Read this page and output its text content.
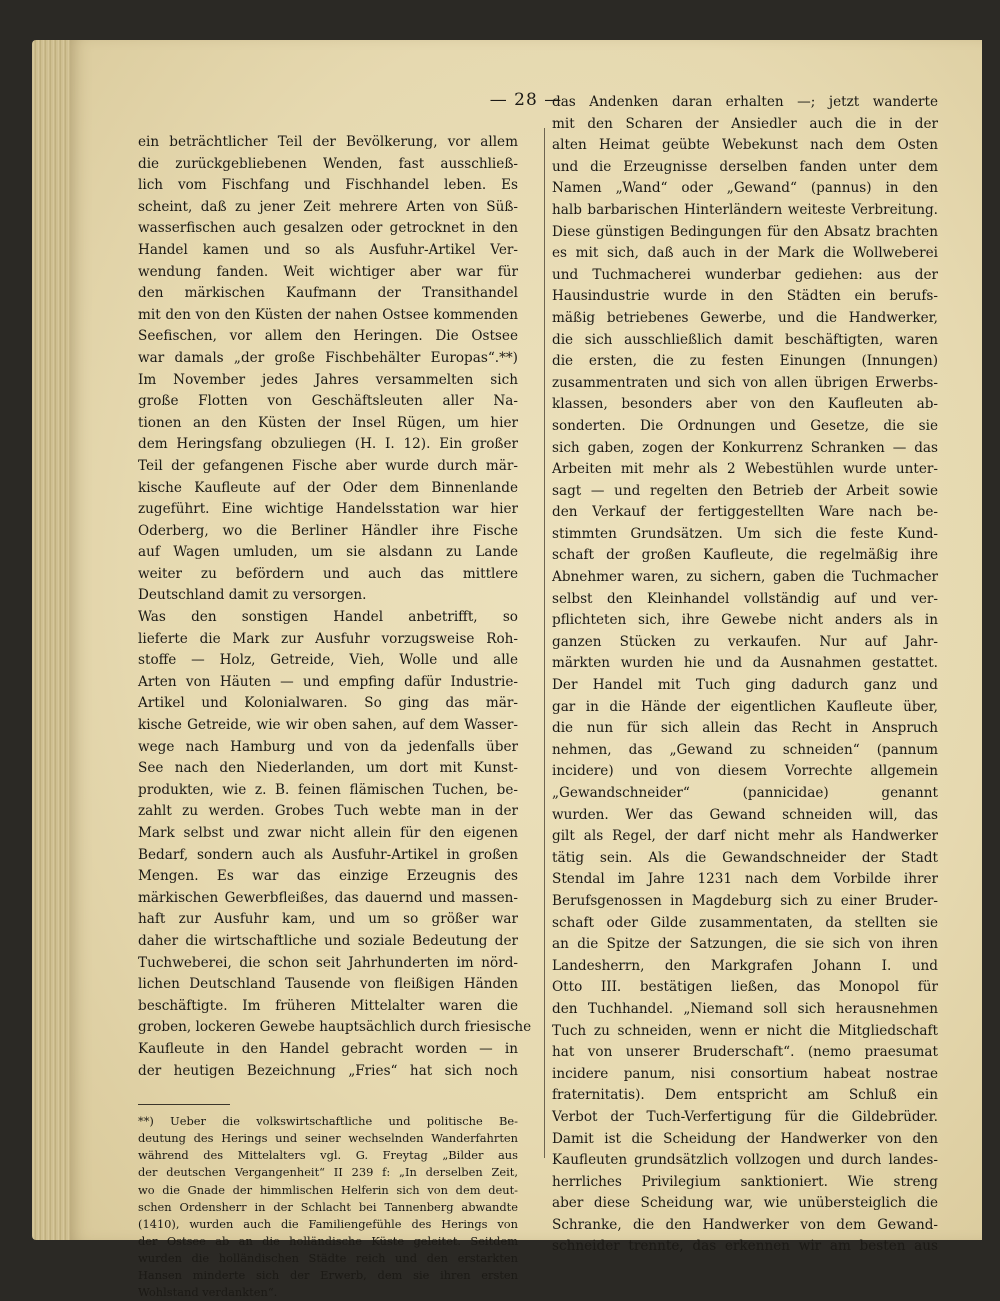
— 28 —
ein beträchtlicher Teil der Bevölkerung, vor allem
die zurückgebliebenen Wenden, fast ausschließ-
lich vom Fischfang und Fischhandel leben. Es
scheint, daß zu jener Zeit mehrere Arten von Süß-
wasserfischen auch gesalzen oder getrocknet in den
Handel kamen und so als Ausfuhr-Artikel Ver-
wendung fanden. Weit wichtiger aber war für
den märkischen Kaufmann der Transithandel
mit den von den Küsten der nahen Ostsee kommenden
Seefischen, vor allem den Heringen. Die Ostsee
war damals „der große Fischbehälter Europas“.**)
Im November jedes Jahres versammelten sich
große Flotten von Geschäftsleuten aller Na-
tionen an den Küsten der Insel Rügen, um hier
dem Heringsfang obzuliegen (H. I. 12). Ein großer
Teil der gefangenen Fische aber wurde durch mär-
kische Kaufleute auf der Oder dem Binnenlande
zugeführt. Eine wichtige Handelsstation war hier
Oderberg, wo die Berliner Händler ihre Fische
auf Wagen umluden, um sie alsdann zu Lande
weiter zu befördern und auch das mittlere
Deutschland damit zu versorgen.
Was den sonstigen Handel anbetrifft, so
lieferte die Mark zur Ausfuhr vorzugsweise Roh-
stoffe — Holz, Getreide, Vieh, Wolle und alle
Arten von Häuten — und empfing dafür Industrie-
Artikel und Kolonialwaren. So ging das mär-
kische Getreide, wie wir oben sahen, auf dem Wasser-
wege nach Hamburg und von da jedenfalls über
See nach den Niederlanden, um dort mit Kunst-
produkten, wie z. B. feinen flämischen Tuchen, be-
zahlt zu werden. Grobes Tuch webte man in der
Mark selbst und zwar nicht allein für den eigenen
Bedarf, sondern auch als Ausfuhr-Artikel in großen
Mengen. Es war das einzige Erzeugnis des
märkischen Gewerbfleißes, das dauernd und massen-
haft zur Ausfuhr kam, und um so größer war
daher die wirtschaftliche und soziale Bedeutung der
Tuchweberei, die schon seit Jahrhunderten im nörd-
lichen Deutschland Tausende von fleißigen Händen
beschäftigte. Im früheren Mittelalter waren die
groben, lockeren Gewebe hauptsächlich durch friesische
Kaufleute in den Handel gebracht worden — in
der heutigen Bezeichnung „Fries“ hat sich noch
**) Ueber die volkswirtschaftliche und politische Be-
deutung des Herings und seiner wechselnden Wanderfahrten
während des Mittelalters vgl. G. Freytag „Bilder aus
der deutschen Vergangenheit“ II 239 f: „In derselben Zeit,
wo die Gnade der himmlischen Helferin sich von dem deut-
schen Ordensherr in der Schlacht bei Tannenberg abwandte
(1410), wurden auch die Familiengefühle des Herings von
der Ostsee ab an die holländische Küste geleitet. Seitdem
wurden die holländischen Städte reich und den erstarkten
Hansen minderte sich der Erwerb, dem sie ihren ersten
Wohlstand verdankten“.
das Andenken daran erhalten —; jetzt wanderte
mit den Scharen der Ansiedler auch die in der
alten Heimat geübte Webekunst nach dem Osten
und die Erzeugnisse derselben fanden unter dem
Namen „Wand“ oder „Gewand“ (pannus) in den
halb barbarischen Hinterländern weiteste Verbreitung.
Diese günstigen Bedingungen für den Absatz brachten
es mit sich, daß auch in der Mark die Wollweberei
und Tuchmacherei wunderbar gediehen: aus der
Hausindustrie wurde in den Städten ein berufs-
mäßig betriebenes Gewerbe, und die Handwerker,
die sich ausschließlich damit beschäftigten, waren
die ersten, die zu festen Einungen (Innungen)
zusammentraten und sich von allen übrigen Erwerbs-
klassen, besonders aber von den Kaufleuten ab-
sonderten. Die Ordnungen und Gesetze, die sie
sich gaben, zogen der Konkurrenz Schranken — das
Arbeiten mit mehr als 2 Webestühlen wurde unter-
sagt — und regelten den Betrieb der Arbeit sowie
den Verkauf der fertiggestellten Ware nach be-
stimmten Grundsätzen. Um sich die feste Kund-
schaft der großen Kaufleute, die regelmäßig ihre
Abnehmer waren, zu sichern, gaben die Tuchmacher
selbst den Kleinhandel vollständig auf und ver-
pflichteten sich, ihre Gewebe nicht anders als in
ganzen Stücken zu verkaufen. Nur auf Jahr-
märkten wurden hie und da Ausnahmen gestattet.
Der Handel mit Tuch ging dadurch ganz und
gar in die Hände der eigentlichen Kaufleute über,
die nun für sich allein das Recht in Anspruch
nehmen, das „Gewand zu schneiden“ (pannum
incidere) und von diesem Vorrechte allgemein
„Gewandschneider“ (pannicidae) genannt
wurden. Wer das Gewand schneiden will, das
gilt als Regel, der darf nicht mehr als Handwerker
tätig sein. Als die Gewandschneider der Stadt
Stendal im Jahre 1231 nach dem Vorbilde ihrer
Berufsgenossen in Magdeburg sich zu einer Bruder-
schaft oder Gilde zusammentaten, da stellten sie
an die Spitze der Satzungen, die sie sich von ihren
Landesherrn, den Markgrafen Johann I. und
Otto III. bestätigen ließen, das Monopol für
den Tuchhandel. „Niemand soll sich herausnehmen
Tuch zu schneiden, wenn er nicht die Mitgliedschaft
hat von unserer Bruderschaft“. (nemo praesumat
incidere panum, nisi consortium habeat nostrae
fraternitatis). Dem entspricht am Schluß ein
Verbot der Tuch-Verfertigung für die Gildebrüder.
Damit ist die Scheidung der Handwerker von den
Kaufleuten grundsätzlich vollzogen und durch landes-
herrliches Privilegium sanktioniert. Wie streng
aber diese Scheidung war, wie unübersteiglich die
Schranke, die den Handwerker von dem Gewand-
schneider trennte, das erkennen wir am besten aus
